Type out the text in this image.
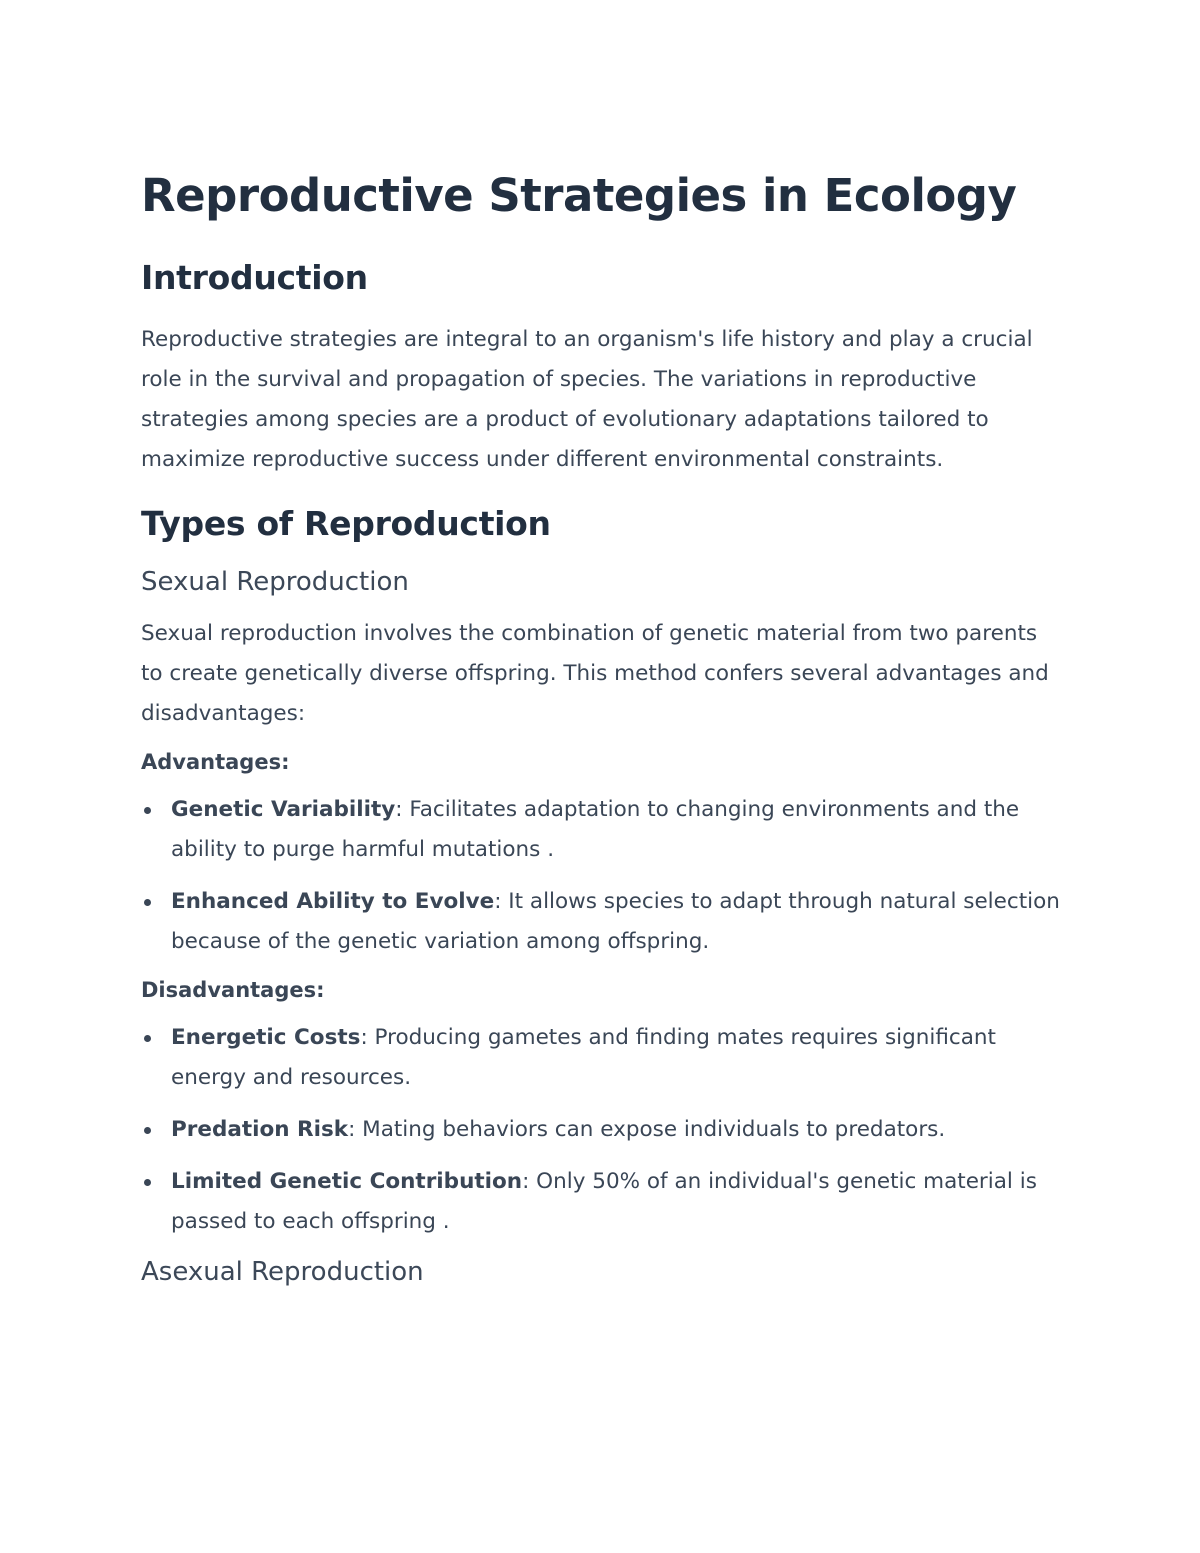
Reproductive Strategies in Ecology
Introduction

Reproductive strategies are integral to an organism's life history and play a crucial role in the survival and propagation of species. The variations in reproductive strategies among species are a product of evolutionary adaptations tailored to maximize reproductive success under different environmental constraints.

Types of Reproduction
Sexual Reproduction

Sexual reproduction involves the combination of genetic material from two parents to create genetically diverse offspring. This method confers several advantages and disadvantages:

Advantages:
Genetic Variability: Facilitates adaptation to changing environments and the ability to purge harmful mutations .
Enhanced Ability to Evolve: It allows species to adapt through natural selection because of the genetic variation among offspring.
Disadvantages:
Energetic Costs: Producing gametes and finding mates requires significant energy and resources.
Predation Risk: Mating behaviors can expose individuals to predators.
Limited Genetic Contribution: Only 50% of an individual's genetic material is passed to each offspring .
Asexual Reproduction
